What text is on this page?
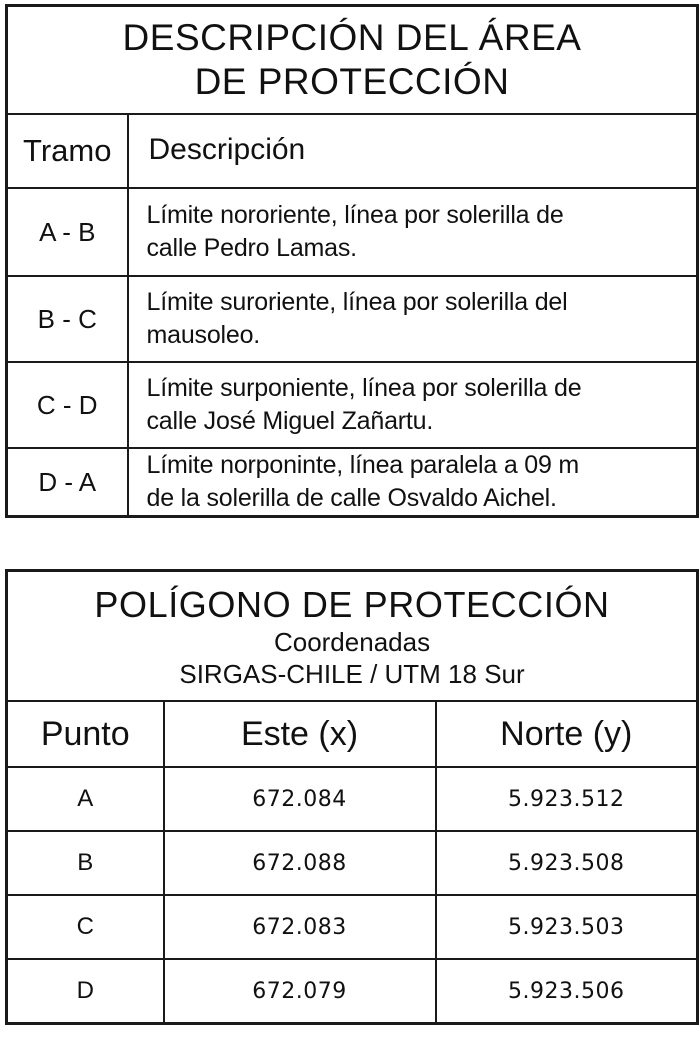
DESCRIPCIÓN DEL ÁREA
DE PROTECCIÓN	

Tramo	Descripción
A - B	Límite nororiente, línea por solerilla de
calle Pedro Lamas.

B - C	Límite suroriente, línea por solerilla del
mausoleo.

C - D	Límite surponiente, línea por solerilla de
calle José Miguel Zañartu.

D - A	Límite norponinte, línea paralela a 09 m
de la solerilla de calle Osvaldo Aichel.
POLÍGONO DE PROTECCIÓN
Coordenadas
SIRGAS-CHILE / UTM 18 Sur		

Punto	Este (x)	Norte (y)
A	672.084	5.923.512
B	672.088	5.923.508
C	672.083	5.923.503
D	672.079	5.923.506
